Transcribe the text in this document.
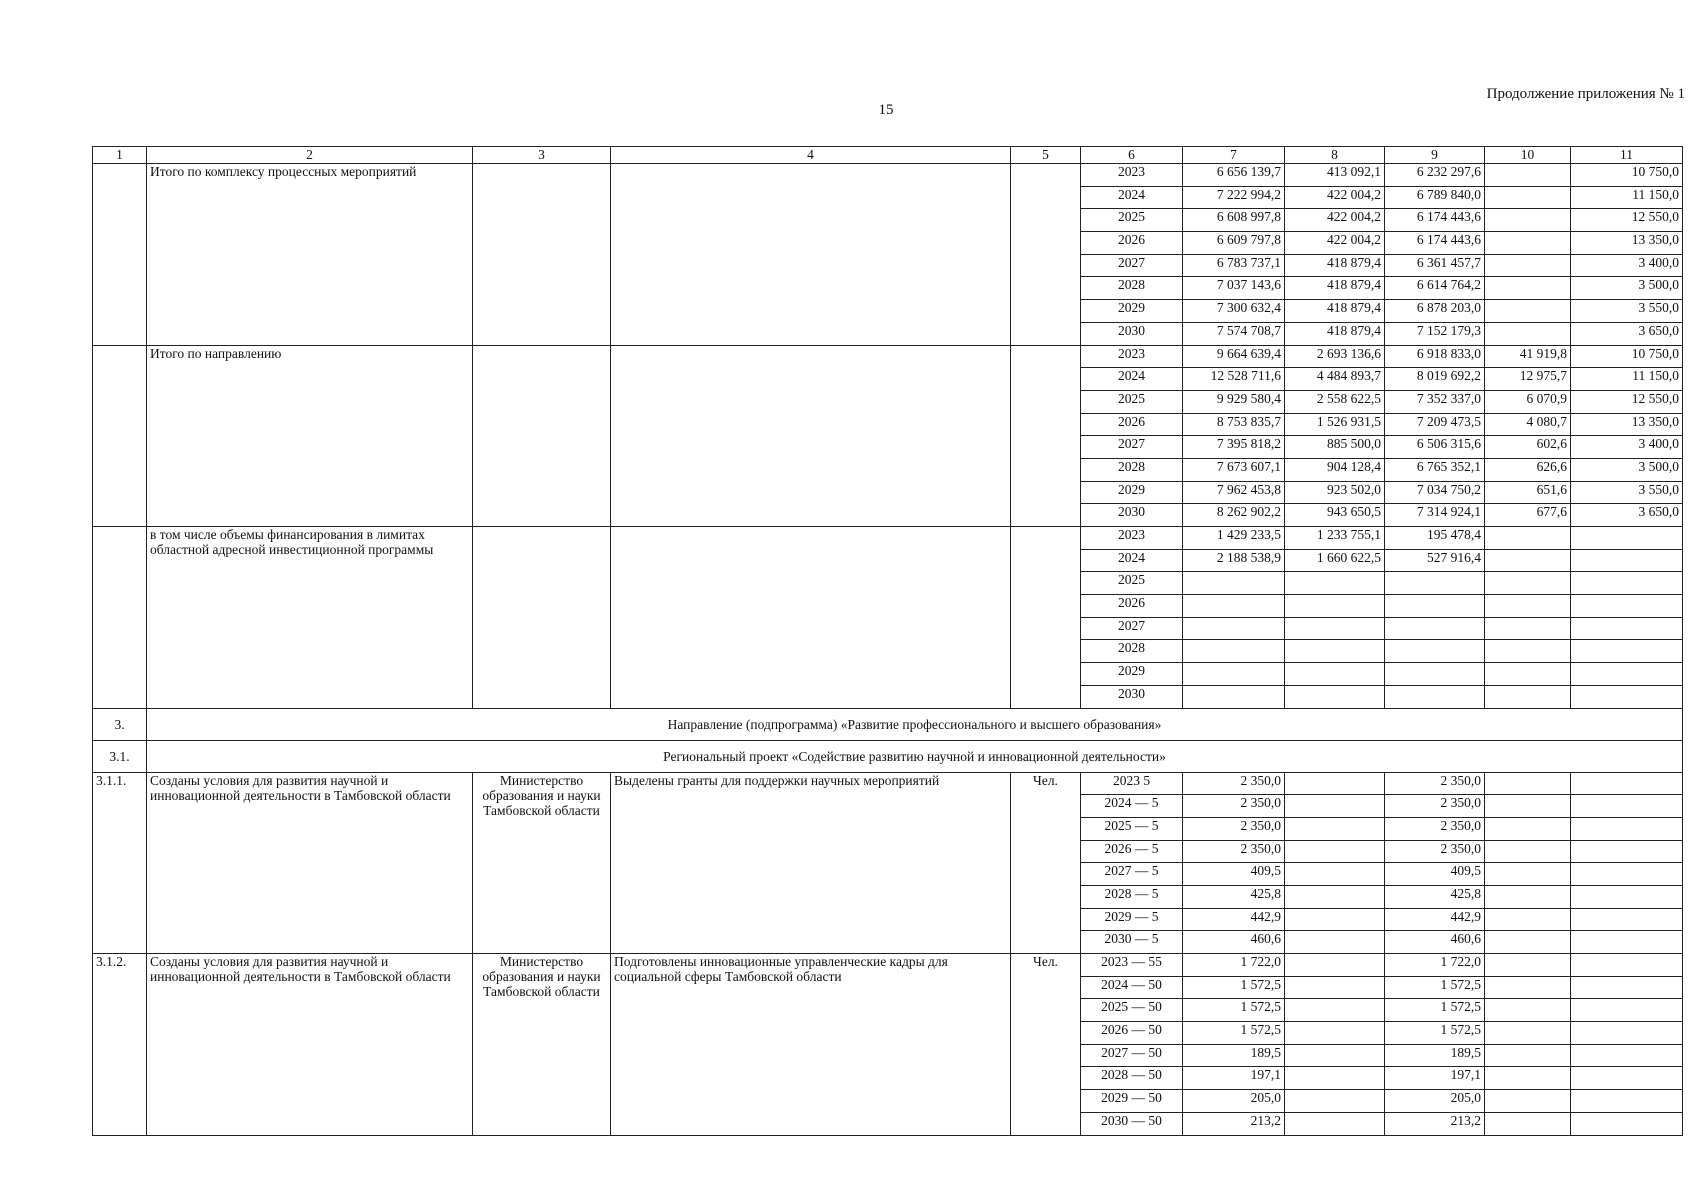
15
Продолжение приложения № 1
1	2	3	4	5	6	7	8	9	10	11
	Итого по комплексу процессных мероприятий				2023	6 656 139,7	413 092,1	6 232 297,6		10 750,0
					2024	7 222 994,2	422 004,2	6 789 840,0		11 150,0
					2025	6 608 997,8	422 004,2	6 174 443,6		12 550,0
					2026	6 609 797,8	422 004,2	6 174 443,6		13 350,0
					2027	6 783 737,1	418 879,4	6 361 457,7		3 400,0
					2028	7 037 143,6	418 879,4	6 614 764,2		3 500,0
					2029	7 300 632,4	418 879,4	6 878 203,0		3 550,0
					2030	7 574 708,7	418 879,4	7 152 179,3		3 650,0
	Итого по направлению				2023	9 664 639,4	2 693 136,6	6 918 833,0	41 919,8	10 750,0
					2024	12 528 711,6	4 484 893,7	8 019 692,2	12 975,7	11 150,0
					2025	9 929 580,4	2 558 622,5	7 352 337,0	6 070,9	12 550,0
					2026	8 753 835,7	1 526 931,5	7 209 473,5	4 080,7	13 350,0
					2027	7 395 818,2	885 500,0	6 506 315,6	602,6	3 400,0
					2028	7 673 607,1	904 128,4	6 765 352,1	626,6	3 500,0
					2029	7 962 453,8	923 502,0	7 034 750,2	651,6	3 550,0
					2030	8 262 902,2	943 650,5	7 314 924,1	677,6	3 650,0
	в том числе объемы финансирования в лимитах областной адресной инвестиционной программы				2023	1 429 233,5	1 233 755,1	195 478,4		
					2024	2 188 538,9	1 660 622,5	527 916,4		
					2025					
					2026					
					2027					
					2028					
					2029					
					2030					
3.	Направление (подпрограмма) «Развитие профессионального и высшего образования»									
3.1.	Региональный проект «Содействие развитию научной и инновационной деятельности»									
3.1.1.	Созданы условия для развития научной и инновационной деятельности в Тамбовской области	Министерство образования и науки Тамбовской области	Выделены гранты для поддержки научных мероприятий	Чел.	2023 5	2 350,0		2 350,0		
					2024 — 5	2 350,0		2 350,0		
					2025 — 5	2 350,0		2 350,0		
					2026 — 5	2 350,0		2 350,0		
					2027 — 5	409,5		409,5		
					2028 — 5	425,8		425,8		
					2029 — 5	442,9		442,9		
					2030 — 5	460,6		460,6		
3.1.2.	Созданы условия для развития научной и инновационной деятельности в Тамбовской области	Министерство образования и науки Тамбовской области	Подготовлены инновационные управленческие кадры для социальной сферы Тамбовской области	Чел.	2023 — 55	1 722,0		1 722,0		
					2024 — 50	1 572,5		1 572,5		
					2025 — 50	1 572,5		1 572,5		
					2026 — 50	1 572,5		1 572,5		
					2027 — 50	189,5		189,5		
					2028 — 50	197,1		197,1		
					2029 — 50	205,0		205,0		
					2030 — 50	213,2		213,2		
